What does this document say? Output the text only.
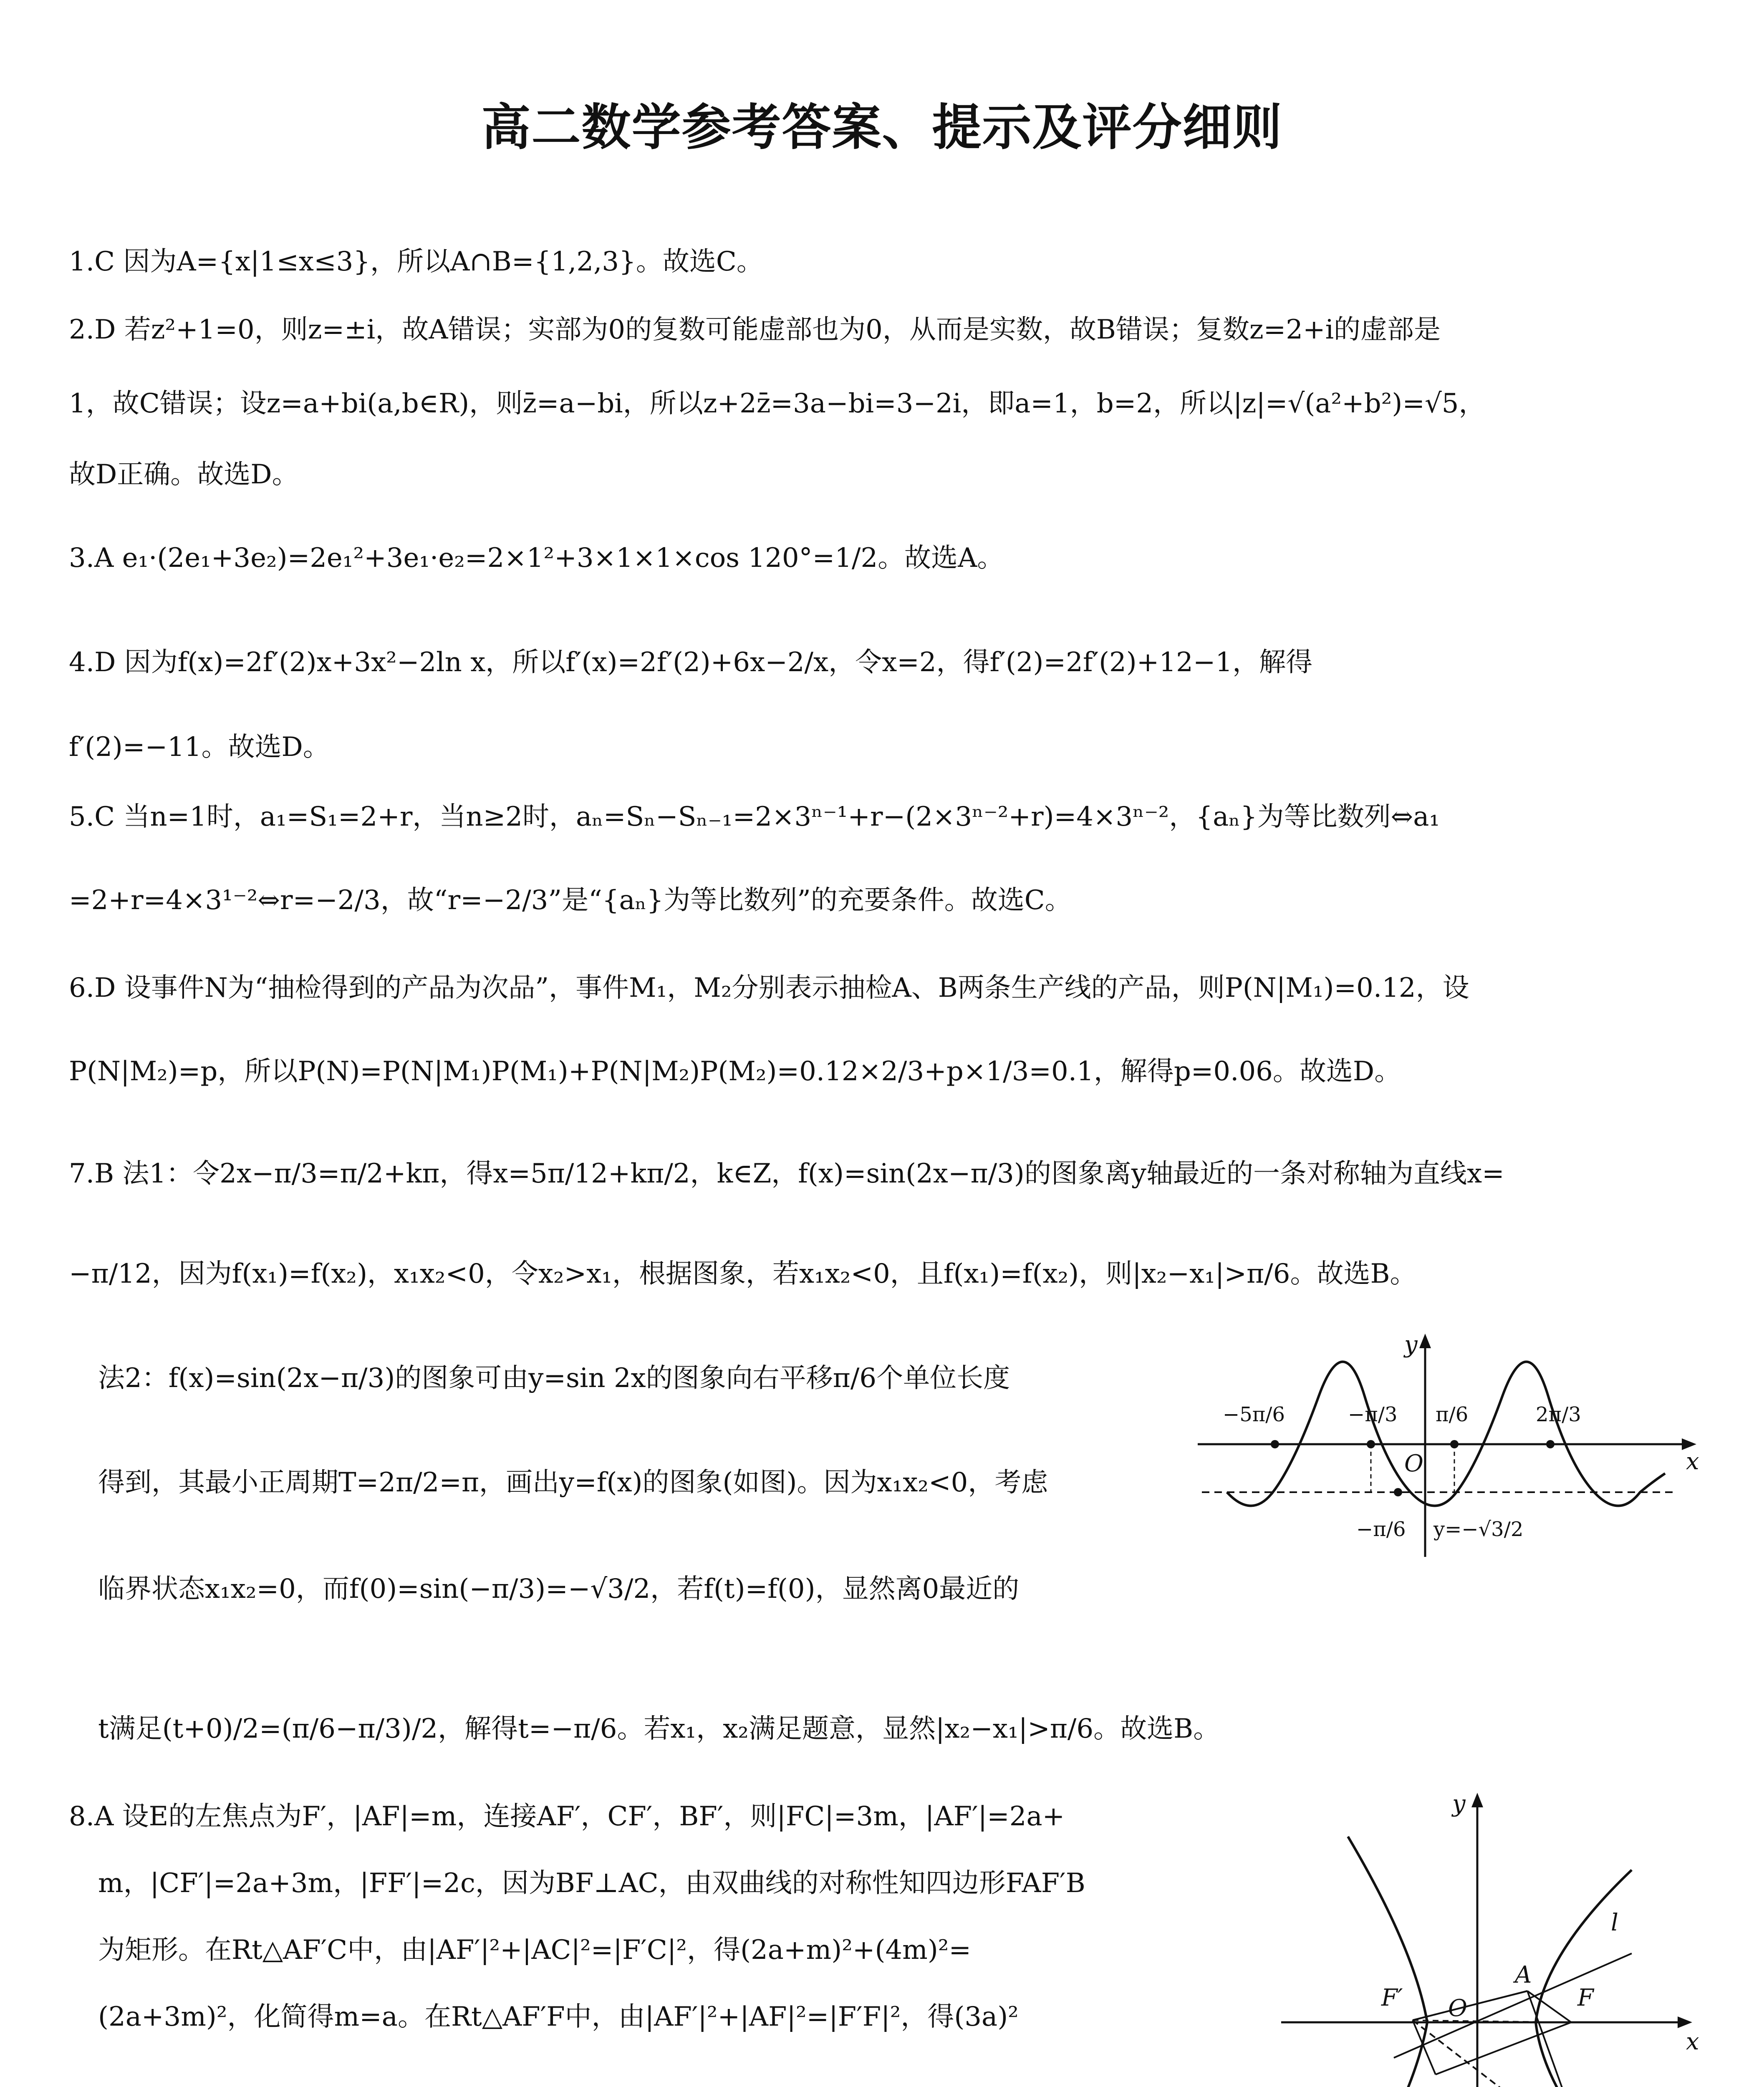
高二数学参考答案、提示及评分细则
1.C 因为A={x|1≤x≤3}，所以A∩B={1,2,3}。故选C。
2.D 若z²+1=0，则z=±i，故A错误；实部为0的复数可能虚部也为0，从而是实数，故B错误；复数z=2+i的虚部是
1，故C错误；设z=a+bi(a,b∈R)，则z̄=a−bi，所以z+2z̄=3a−bi=3−2i，即a=1，b=2，所以|z|=√(a²+b²)=√5，
故D正确。故选D。
3.A e₁·(2e₁+3e₂)=2e₁²+3e₁·e₂=2×1²+3×1×1×cos 120°=1/2。故选A。
4.D 因为f(x)=2f′(2)x+3x²−2ln x，所以f′(x)=2f′(2)+6x−2/x，令x=2，得f′(2)=2f′(2)+12−1，解得
f′(2)=−11。故选D。
5.C 当n=1时，a₁=S₁=2+r，当n≥2时，aₙ=Sₙ−Sₙ₋₁=2×3ⁿ⁻¹+r−(2×3ⁿ⁻²+r)=4×3ⁿ⁻²，{aₙ}为等比数列⇔a₁
=2+r=4×3¹⁻²⇔r=−2/3，故“r=−2/3”是“{aₙ}为等比数列”的充要条件。故选C。
6.D 设事件N为“抽检得到的产品为次品”，事件M₁，M₂分别表示抽检A、B两条生产线的产品，则P(N|M₁)=0.12，设
P(N|M₂)=p，所以P(N)=P(N|M₁)P(M₁)+P(N|M₂)P(M₂)=0.12×2/3+p×1/3=0.1，解得p=0.06。故选D。
7.B 法1：令2x−π/3=π/2+kπ，得x=5π/12+kπ/2，k∈Z，f(x)=sin(2x−π/3)的图象离y轴最近的一条对称轴为直线x=
−π/12，因为f(x₁)=f(x₂)，x₁x₂<0，令x₂>x₁，根据图象，若x₁x₂<0，且f(x₁)=f(x₂)，则|x₂−x₁|>π/6。故选B。
法2：f(x)=sin(2x−π/3)的图象可由y=sin 2x的图象向右平移π/6个单位长度
得到，其最小正周期T=2π/2=π，画出y=f(x)的图象(如图)。因为x₁x₂<0，考虑
临界状态x₁x₂=0，而f(0)=sin(−π/3)=−√3/2，若f(t)=f(0)，显然离0最近的
t满足(t+0)/2=(π/6−π/3)/2，解得t=−π/6。若x₁，x₂满足题意，显然|x₂−x₁|>π/6。故选B。
8.A 设E的左焦点为F′，|AF|=m，连接AF′，CF′，BF′，则|FC|=3m，|AF′|=2a+
m，|CF′|=2a+3m，|FF′|=2c，因为BF⊥AC，由双曲线的对称性知四边形FAF′B
为矩形。在Rt△AF′C中，由|AF′|²+|AC|²=|F′C|²，得(2a+m)²+(4m)²=
(2a+3m)²，化简得m=a。在Rt△AF′F中，由|AF′|²+|AF|²=|F′F|²，得(3a)²
x
y
O
−5π/6	−π/3 π/6	2π/3
−π/6 y=−√3/2
x
y
A
F
F′ O
l
